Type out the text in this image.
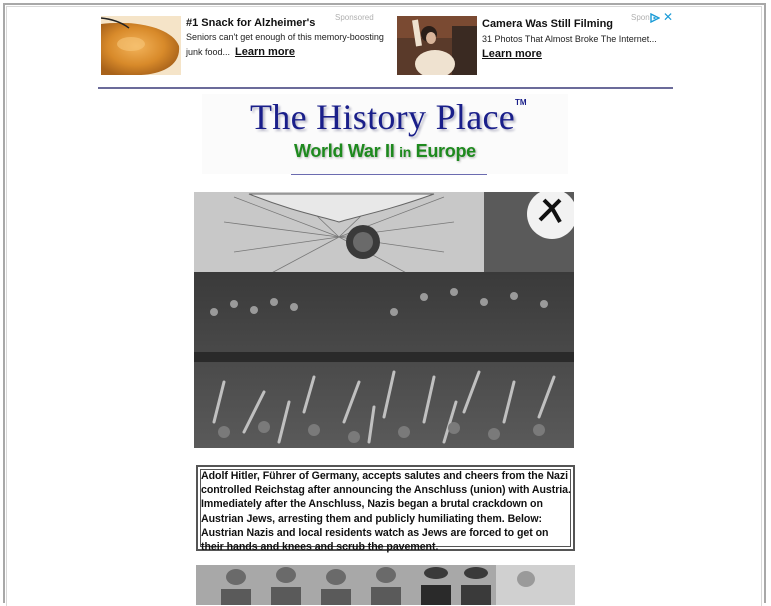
Sponsored	Spon ✕
#1 Snack for Alzheimer's
Seniors can't get enough of this memory-boosting
junk food... Learn more
Camera Was Still Filming
31 Photos That Almost Broke The Internet...
Learn more
The History Place TM
World War II in Europe
Adolf Hitler, Führer of Germany, accepts salutes and cheers from the Nazi controlled Reichstag after announcing the Anschluss (union) with Austria. Immediately after the Anschluss, Nazis began a brutal crackdown on Austrian Jews, arresting them and publicly humiliating them. Below: Austrian Nazis and local residents watch as Jews are forced to get on their hands and knees and scrub the pavement.
